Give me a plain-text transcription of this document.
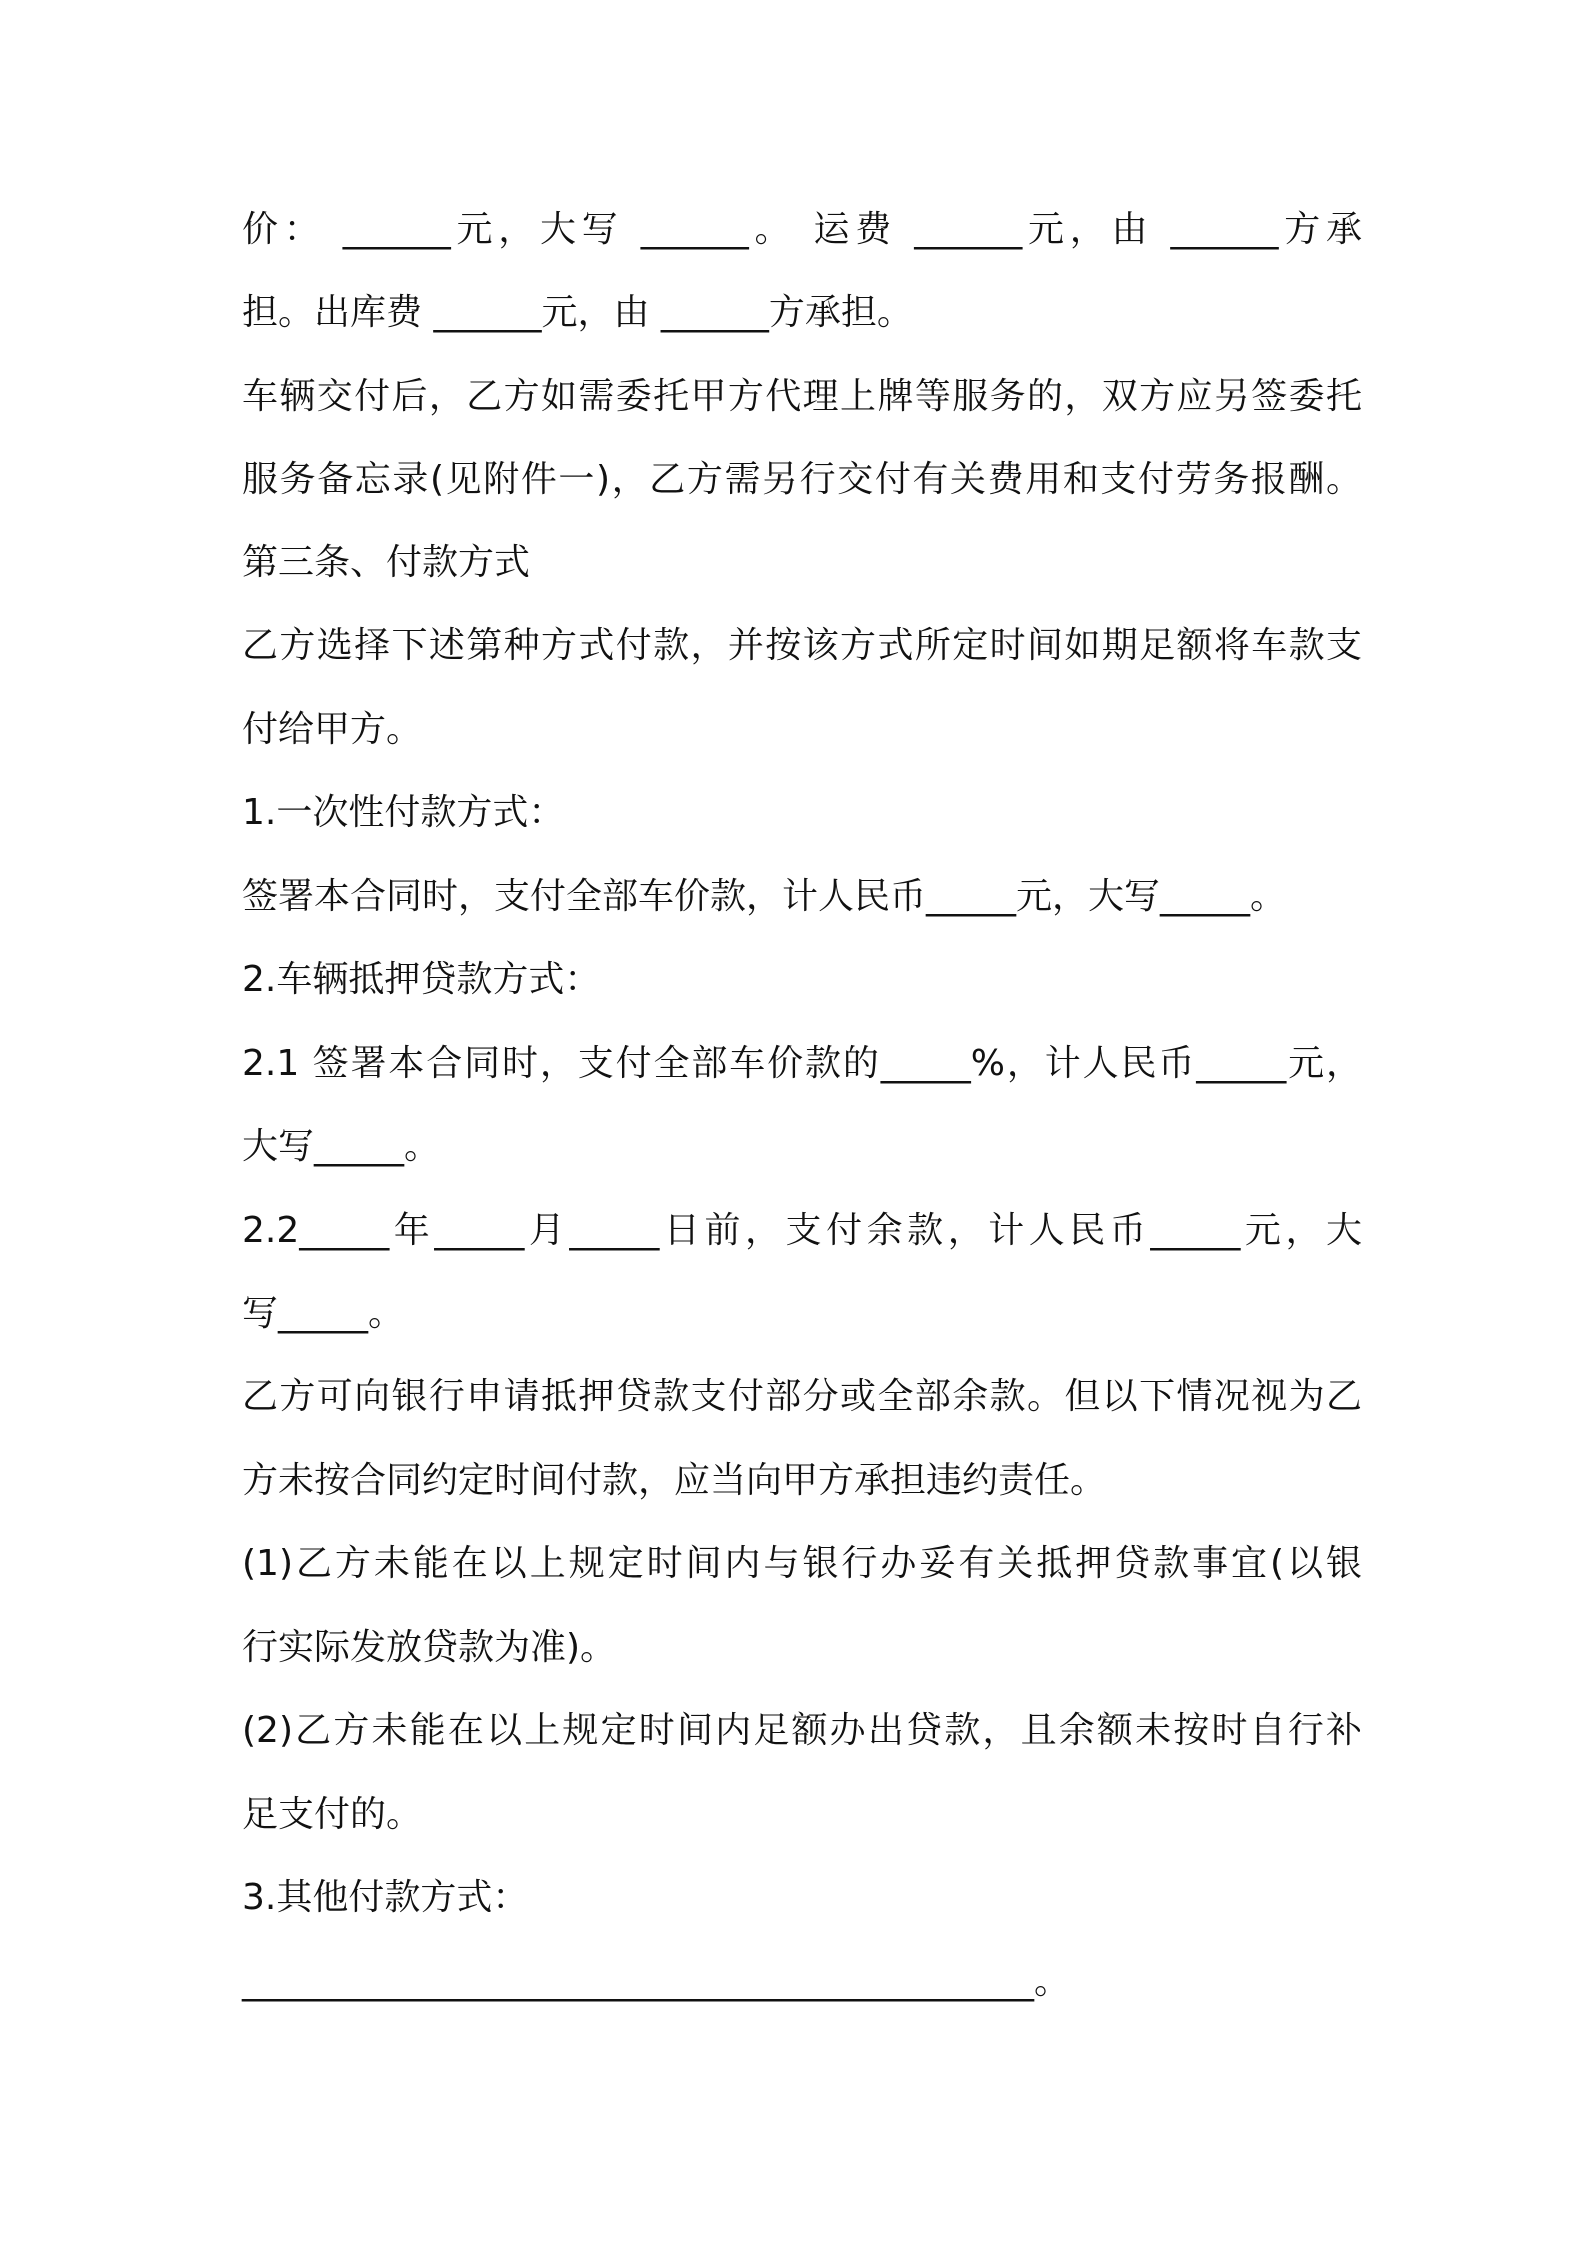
价： ______元，大写 ______。 运费 ______元，由 ______方承
担。出库费 ______元，由 ______方承担。
车辆交付后，乙方如需委托甲方代理上牌等服务的，双方应另签委托
服务备忘录(见附件一)，乙方需另行交付有关费用和支付劳务报酬。
第三条、付款方式
乙方选择下述第种方式付款，并按该方式所定时间如期足额将车款支
付给甲方。
1.一次性付款方式：
签署本合同时，支付全部车价款，计人民币_____元，大写_____。
2.车辆抵押贷款方式：
2.1 签署本合同时，支付全部车价款的_____%，计人民币_____元，
大写_____。
2.2_____年_____月_____日前，支付余款，计人民币_____元，大
写_____。
乙方可向银行申请抵押贷款支付部分或全部余款。但以下情况视为乙
方未按合同约定时间付款，应当向甲方承担违约责任。
(1)乙方未能在以上规定时间内与银行办妥有关抵押贷款事宜(以银
行实际发放贷款为准)。
(2)乙方未能在以上规定时间内足额办出贷款，且余额未按时自行补
足支付的。
3.其他付款方式：
____________________________________________。
